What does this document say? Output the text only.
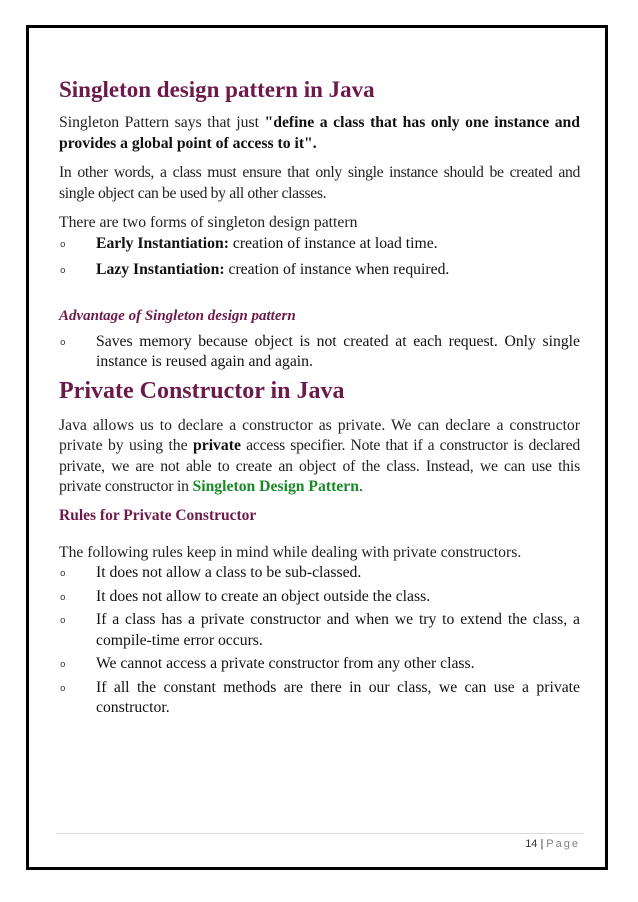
Singleton design pattern in Java

Singleton Pattern says that just "define a class that has only one instance and provides a global point of access to it".

In other words, a class must ensure that only single instance should be created and single object can be used by all other classes.

There are two forms of singleton design pattern

o Early Instantiation: creation of instance at load time.
o Lazy Instantiation: creation of instance when required.
Advantage of Singleton design pattern
o Saves memory because object is not created at each request. Only single instance is reused again and again.
Private Constructor in Java

Java allows us to declare a constructor as private. We can declare a constructor private by using the private access specifier. Note that if a constructor is declared private, we are not able to create an object of the class. Instead, we can use this private constructor in Singleton Design Pattern.

Rules for Private Constructor

The following rules keep in mind while dealing with private constructors.

o It does not allow a class to be sub-classed.
o It does not allow to create an object outside the class.
o If a class has a private constructor and when we try to extend the class, a compile-time error occurs.
o We cannot access a private constructor from any other class.
o If all the constant methods are there in our class, we can use a private constructor.
14 | Page
